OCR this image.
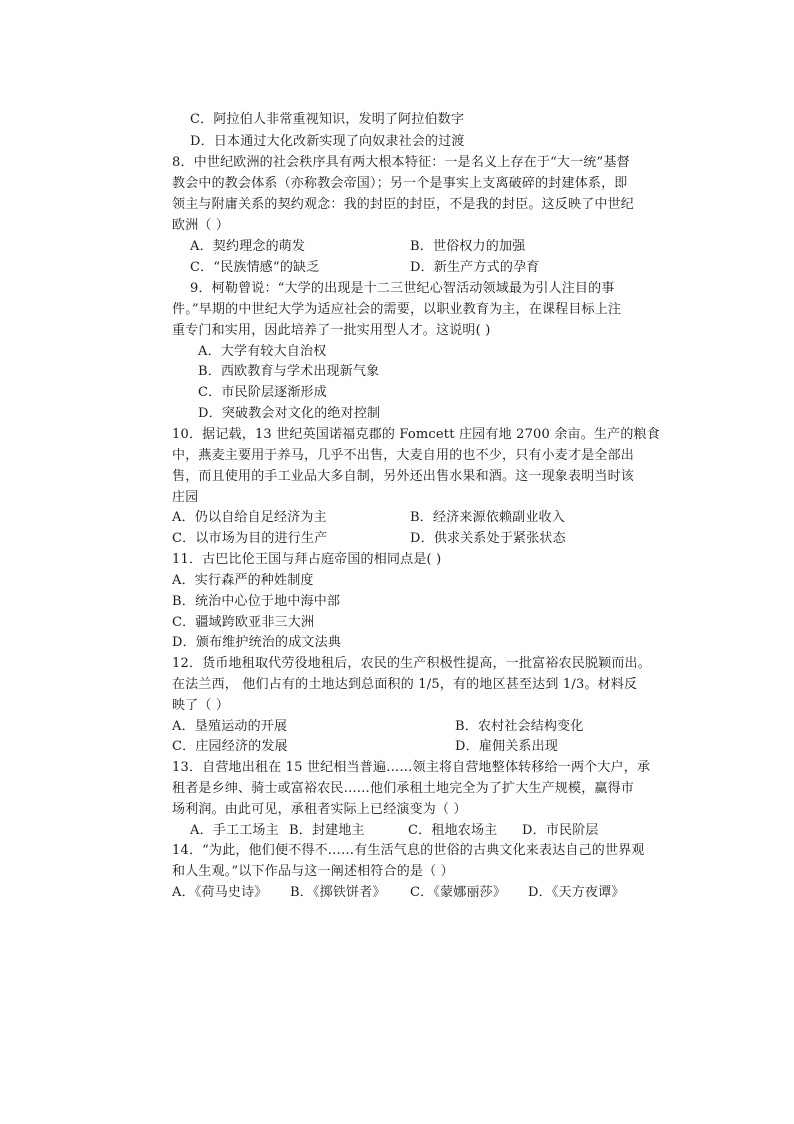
C．阿拉伯人非常重视知识，发明了阿拉伯数字
D．日本通过大化改新实现了向奴隶社会的过渡
8．中世纪欧洲的社会秩序具有两大根本特征：一是名义上存在于“大一统”基督
教会中的教会体系（亦称教会帝国）；另一个是事实上支离破碎的封建体系，即
领主与附庸关系的契约观念：我的封臣的封臣，不是我的封臣。这反映了中世纪
欧洲（ ）
A．契约理念的萌发	B．世俗权力的加强
C．“民族情感”的缺乏	D．新生产方式的孕育
9．柯勒曾说：“大学的出现是十二三世纪心智活动领域最为引人注目的事
件。”早期的中世纪大学为适应社会的需要，以职业教育为主，在课程目标上注
重专门和实用，因此培养了一批实用型人才。这说明( )
A．大学有较大自治权
B．西欧教育与学术出现新气象
C．市民阶层逐渐形成
D．突破教会对文化的绝对控制
10．据记载，13 世纪英国诺福克郡的 Fomcett 庄园有地 2700 余亩。生产的粮食
中，燕麦主要用于养马，几乎不出售，大麦自用的也不少，只有小麦才是全部出
售，而且使用的手工业品大多自制，另外还出售水果和酒。这一现象表明当时该
庄园
A．仍以自给自足经济为主	B．经济来源依赖副业收入
C．以市场为目的进行生产	D．供求关系处于紧张状态
11．古巴比伦王国与拜占庭帝国的相同点是( )
A．实行森严的种姓制度
B．统治中心位于地中海中部
C．疆域跨欧亚非三大洲
D．颁布维护统治的成文法典
12．货币地租取代劳役地租后，农民的生产积极性提高，一批富裕农民脱颖而出。
在法兰西， 他们占有的土地达到总面积的 1/5，有的地区甚至达到 1/3。材料反
映了（ ）
A．垦殖运动的开展	B．农村社会结构变化
C．庄园经济的发展	D．雇佣关系出现
13．自营地出租在 15 世纪相当普遍……领主将自营地整体转移给一两个大户，承
租者是乡绅、骑士或富裕农民……他们承租土地完全为了扩大生产规模，赢得市
场利润。由此可见，承租者实际上已经演变为（ ）
A．手工工场主 B．封建地主	C．租地农场主 D．市民阶层
14．“为此，他们便不得不……有生活气息的世俗的古典文化来表达自己的世界观
和人生观。”以下作品与这一阐述相符合的是（ ）
A．《荷马史诗》 B．《掷铁饼者》 C．《蒙娜丽莎》 D．《天方夜谭》
